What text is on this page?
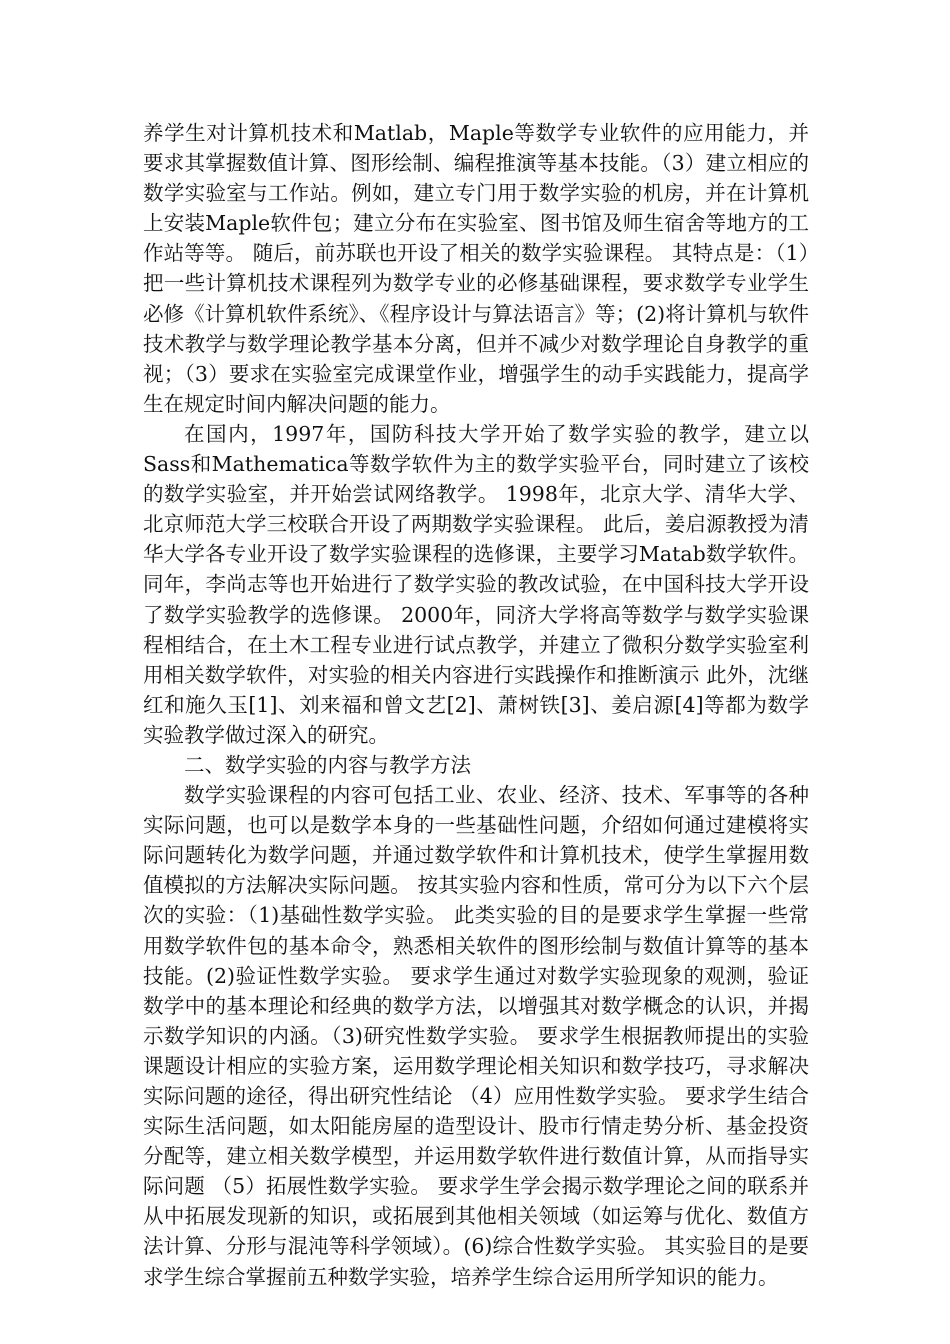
养学生对计算机技术和Matlab，Maple等数学专业软件的应用能力，并要求其掌握数值计算、图形绘制、编程推演等基本技能。（3）建立相应的数学实验室与工作站。例如，建立专门用于数学实验的机房，并在计算机上安装Maple软件包；建立分布在实验室、图书馆及师生宿舍等地方的工作站等等。 随后，前苏联也开设了相关的数学实验课程。 其特点是：（1）把一些计算机技术课程列为数学专业的必修基础课程，要求数学专业学生必修《计算机软件系统》、《程序设计与算法语言》等；(2)将计算机与软件技术教学与数学理论教学基本分离，但并不减少对数学理论自身教学的重视；（3）要求在实验室完成课堂作业，增强学生的动手实践能力，提高学生在规定时间内解决问题的能力。

在国内，1997年，国防科技大学开始了数学实验的教学，建立以Sass和Mathematica等数学软件为主的数学实验平台，同时建立了该校的数学实验室，并开始尝试网络教学。 1998年，北京大学、清华大学、北京师范大学三校联合开设了两期数学实验课程。 此后，姜启源教授为清华大学各专业开设了数学实验课程的选修课，主要学习Matab数学软件。 同年，李尚志等也开始进行了数学实验的教改试验，在中国科技大学开设了数学实验教学的选修课。 2000年，同济大学将高等数学与数学实验课程相结合，在土木工程专业进行试点教学，并建立了微积分数学实验室利用相关数学软件，对实验的相关内容进行实践操作和推断演示 此外，沈继红和施久玉[1]、刘来福和曾文艺[2]、萧树铁[3]、姜启源[4]等都为数学实验教学做过深入的研究。

二、数学实验的内容与教学方法

数学实验课程的内容可包括工业、农业、经济、技术、军事等的各种实际问题，也可以是数学本身的一些基础性问题，介绍如何通过建模将实际问题转化为数学问题，并通过数学软件和计算机技术，使学生掌握用数值模拟的方法解决实际问题。 按其实验内容和性质，常可分为以下六个层次的实验：（1)基础性数学实验。 此类实验的目的是要求学生掌握一些常用数学软件包的基本命令，熟悉相关软件的图形绘制与数值计算等的基本技能。(2)验证性数学实验。 要求学生通过对数学实验现象的观测，验证数学中的基本理论和经典的数学方法，以增强其对数学概念的认识，并揭示数学知识的内涵。（3)研究性数学实验。 要求学生根据教师提出的实验课题设计相应的实验方案，运用数学理论相关知识和数学技巧，寻求解决实际问题的途径，得出研究性结论 （4）应用性数学实验。 要求学生结合实际生活问题，如太阳能房屋的造型设计、股市行情走势分析、基金投资分配等，建立相关数学模型，并运用数学软件进行数值计算，从而指导实际问题 （5）拓展性数学实验。 要求学生学会揭示数学理论之间的联系并从中拓展发现新的知识，或拓展到其他相关领域（如运筹与优化、数值方法计算、分形与混沌等科学领域）。(6)综合性数学实验。 其实验目的是要求学生综合掌握前五种数学实验，培养学生综合运用所学知识的能力。
